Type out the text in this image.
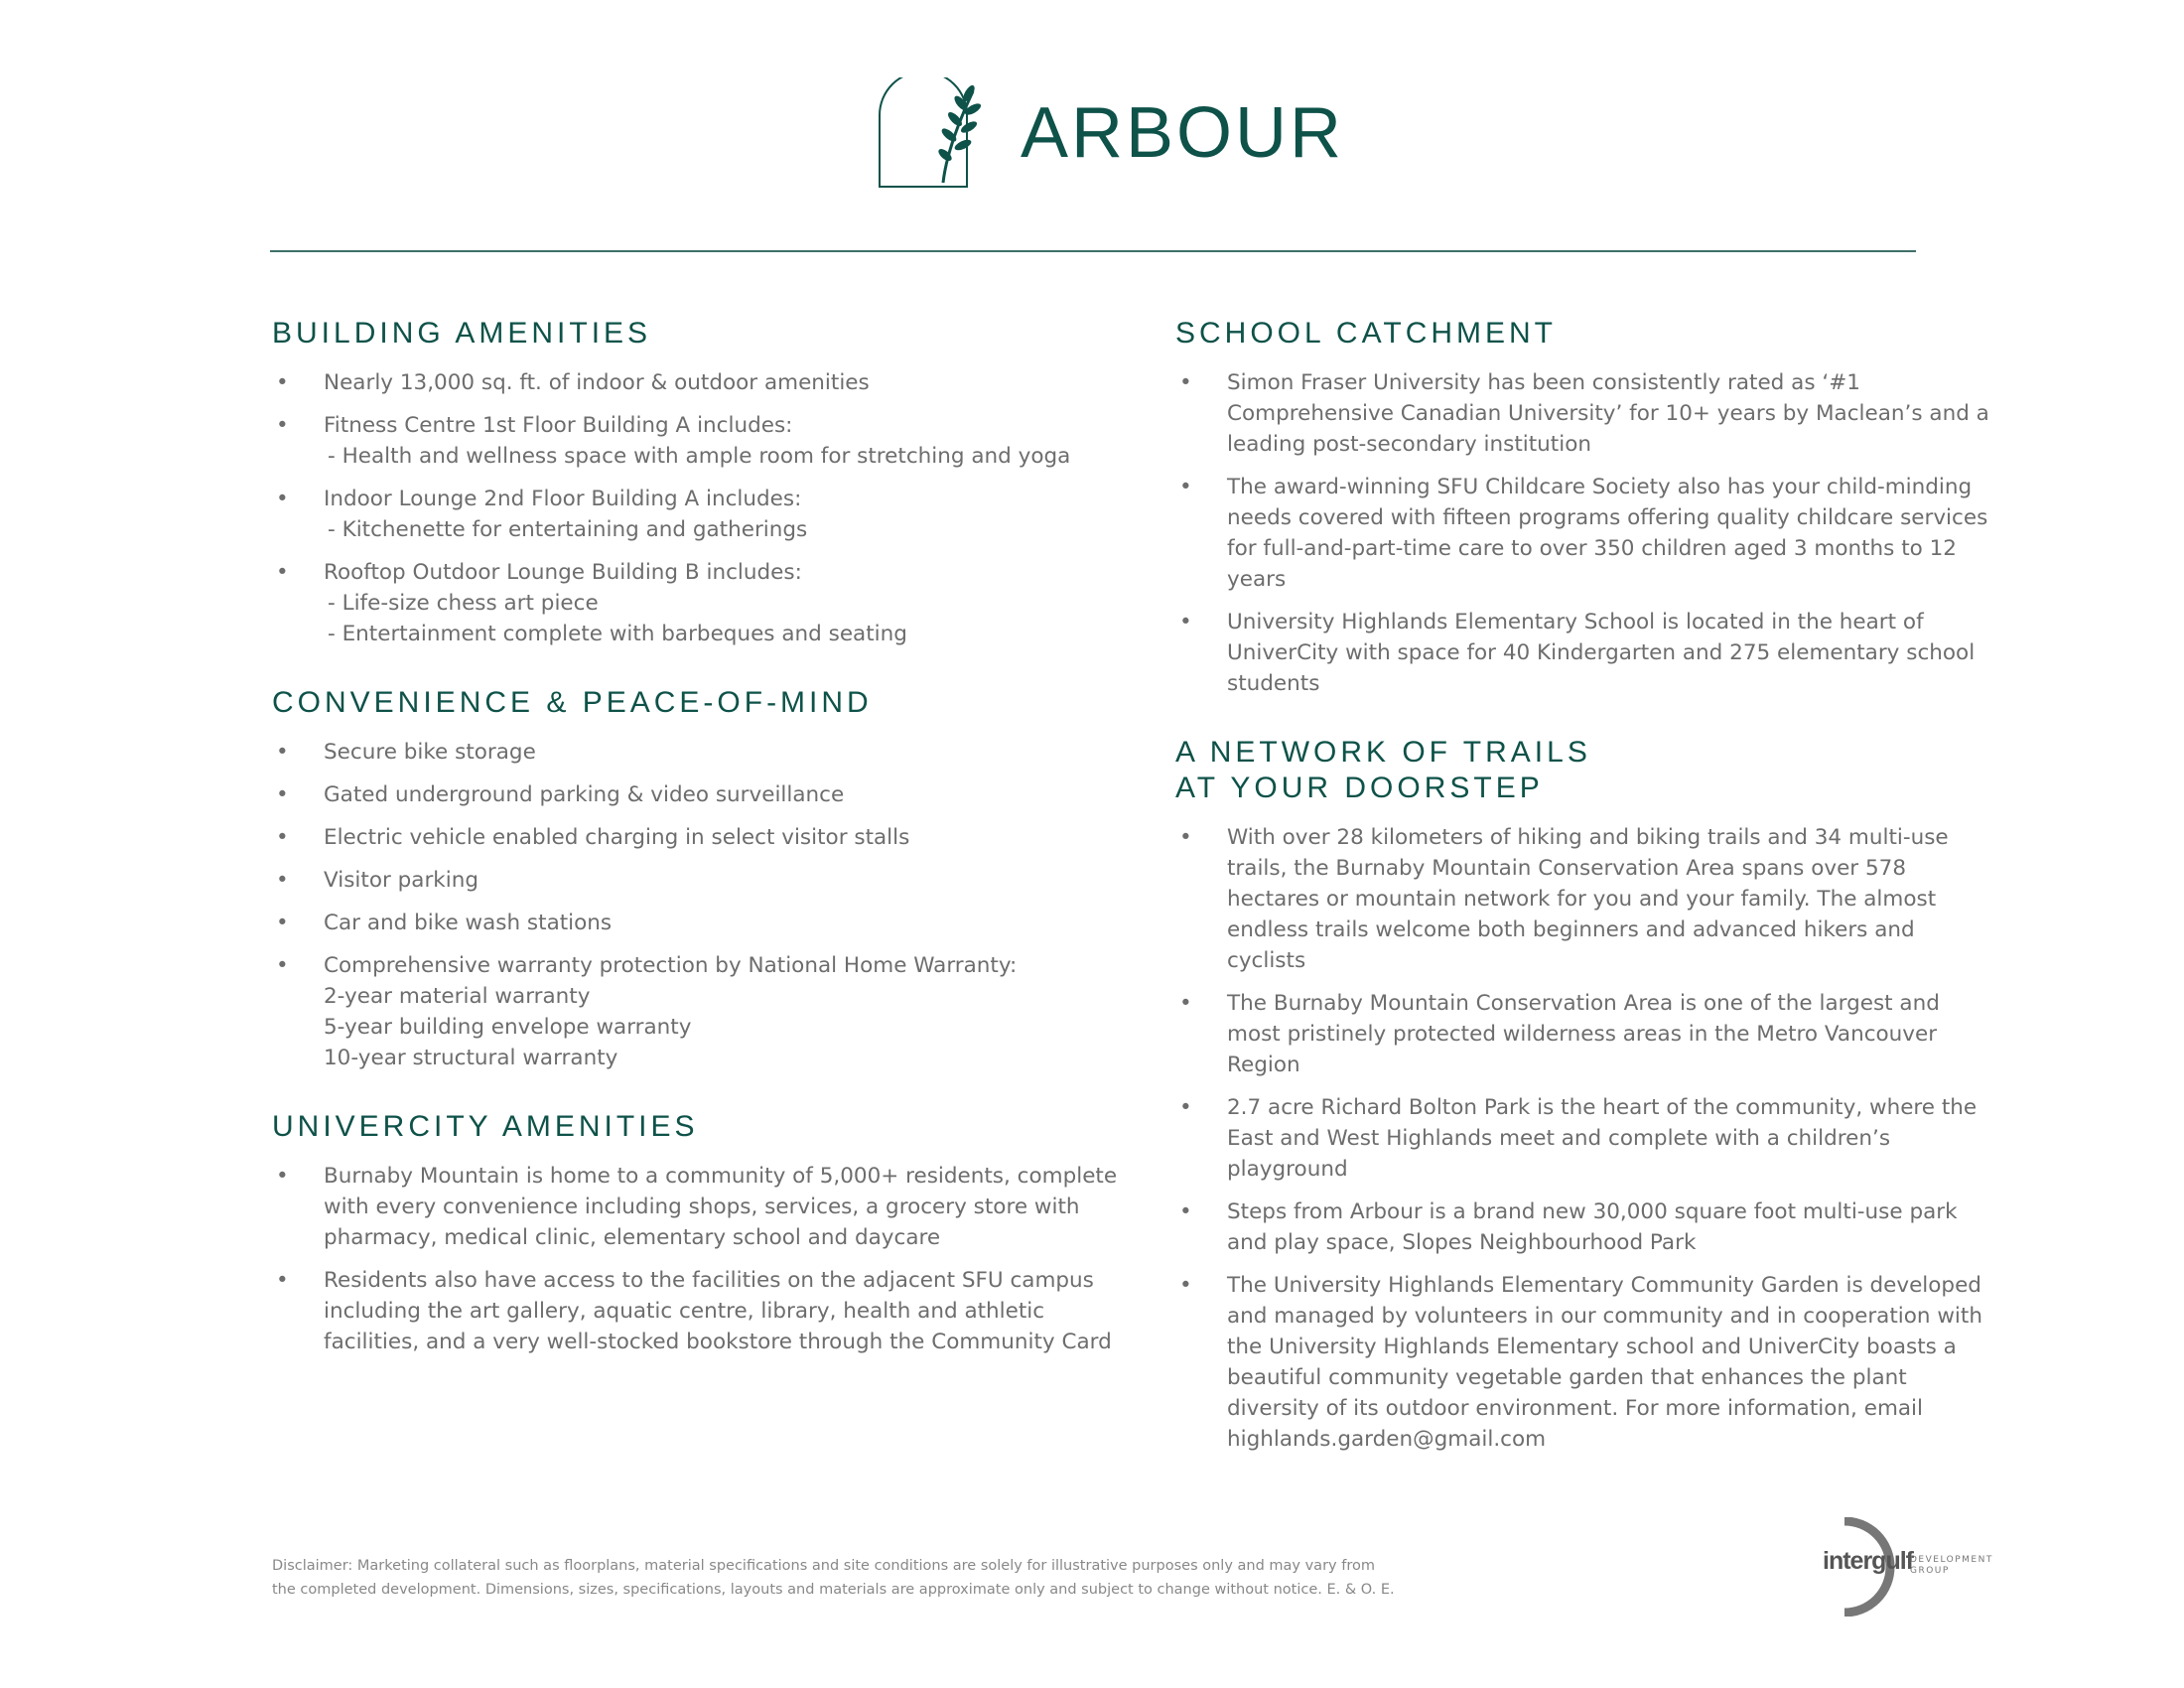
ARBOUR
BUILDING AMENITIES
• Nearly 13,000 sq. ft. of indoor & outdoor amenities
• Fitness Centre 1st Floor Building A includes:
- Health and wellness space with ample room for stretching and yoga
• Indoor Lounge 2nd Floor Building A includes:
- Kitchenette for entertaining and gatherings
• Rooftop Outdoor Lounge Building B includes:
- Life-size chess art piece
- Entertainment complete with barbeques and seating
CONVENIENCE & PEACE-OF-MIND
• Secure bike storage
• Gated underground parking & video surveillance
• Electric vehicle enabled charging in select visitor stalls
• Visitor parking
• Car and bike wash stations
• Comprehensive warranty protection by National Home Warranty:
2-year material warranty
5-year building envelope warranty
10-year structural warranty
UNIVERCITY AMENITIES
• Burnaby Mountain is home to a community of 5,000+ residents, complete with every convenience including shops, services, a grocery store with pharmacy, medical clinic, elementary school and daycare
• Residents also have access to the facilities on the adjacent SFU campus including the art gallery, aquatic centre, library, health and athletic facilities, and a very well-stocked bookstore through the Community Card
SCHOOL CATCHMENT
• Simon Fraser University has been consistently rated as ‘#1 Comprehensive Canadian University’ for 10+ years by Maclean’s and a leading post-secondary institution
• The award-winning SFU Childcare Society also has your child-minding needs covered with fifteen programs offering quality childcare services for full-and-part-time care to over 350 children aged 3 months to 12 years
• University Highlands Elementary School is located in the heart of UniverCity with space for 40 Kindergarten and 275 elementary school students
A NETWORK OF TRAILS
AT YOUR DOORSTEP
• With over 28 kilometers of hiking and biking trails and 34 multi-use trails, the Burnaby Mountain Conservation Area spans over 578 hectares or mountain network for you and your family. The almost endless trails welcome both beginners and advanced hikers and cyclists
• The Burnaby Mountain Conservation Area is one of the largest and most pristinely protected wilderness areas in the Metro Vancouver Region
• 2.7 acre Richard Bolton Park is the heart of the community, where the East and West Highlands meet and complete with a children’s playground
• Steps from Arbour is a brand new 30,000 square foot multi-use park and play space, Slopes Neighbourhood Park
• The University Highlands Elementary Community Garden is developed and managed by volunteers in our community and in cooperation with the University Highlands Elementary school and UniverCity boasts a beautiful community vegetable garden that enhances the plant diversity of its outdoor environment. For more information, email highlands.garden@gmail.com
Disclaimer: Marketing collateral such as floorplans, material specifications and site conditions are solely for illustrative purposes only and may vary from
the completed development. Dimensions, sizes, specifications, layouts and materials are approximate only and subject to change without notice. E. & O. E.
intergulf
DEVELOPMENT
GROUP
